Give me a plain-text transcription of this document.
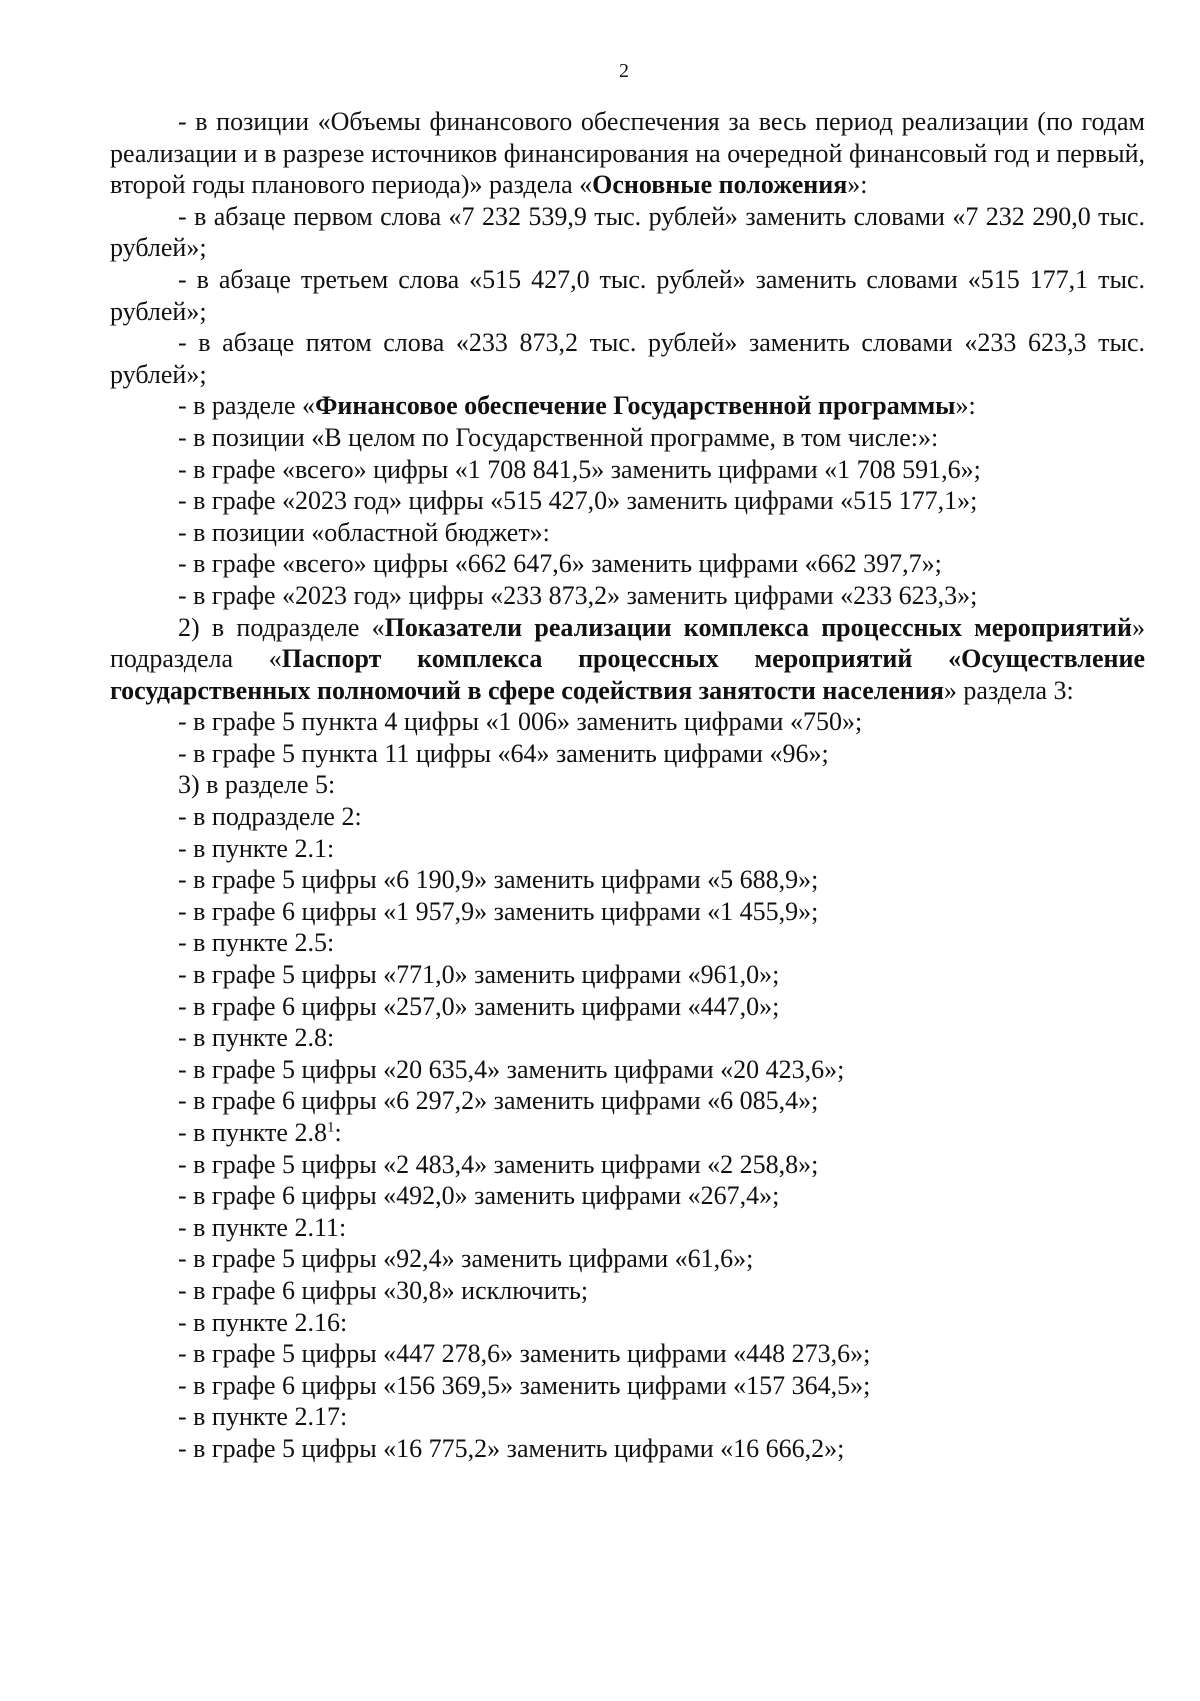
2

- в позиции «Объемы финансового обеспечения за весь период реализации (по годам реализации и в разрезе источников финансирования на очередной финансовый год и первый, второй годы планового периода)» раздела «Основные положения»:

- в абзаце первом слова «7 232 539,9 тыс. рублей» заменить словами «7 232 290,0 тыс. рублей»;

- в абзаце третьем слова «515 427,0 тыс. рублей» заменить словами «515 177,1 тыс. рублей»;

- в абзаце пятом слова «233 873,2 тыс. рублей» заменить словами «233 623,3 тыс. рублей»;

- в разделе «Финансовое обеспечение Государственной программы»:

- в позиции «В целом по Государственной программе, в том числе:»:

- в графе «всего» цифры «1 708 841,5» заменить цифрами «1 708 591,6»;

- в графе «2023 год» цифры «515 427,0» заменить цифрами «515 177,1»;

- в позиции «областной бюджет»:

- в графе «всего» цифры «662 647,6» заменить цифрами «662 397,7»;

- в графе «2023 год» цифры «233 873,2» заменить цифрами «233 623,3»;

2) в подразделе «Показатели реализации комплекса процессных мероприятий» подраздела «Паспорт комплекса процессных мероприятий «Осуществление государственных полномочий в сфере содействия занятости населения» раздела 3:

- в графе 5 пункта 4 цифры «1 006» заменить цифрами «750»;

- в графе 5 пункта 11 цифры «64» заменить цифрами «96»;

3) в разделе 5:

- в подразделе 2:

- в пункте 2.1:

- в графе 5 цифры «6 190,9» заменить цифрами «5 688,9»;

- в графе 6 цифры «1 957,9» заменить цифрами «1 455,9»;

- в пункте 2.5:

- в графе 5 цифры «771,0» заменить цифрами «961,0»;

- в графе 6 цифры «257,0» заменить цифрами «447,0»;

- в пункте 2.8:

- в графе 5 цифры «20 635,4» заменить цифрами «20 423,6»;

- в графе 6 цифры «6 297,2» заменить цифрами «6 085,4»;

- в пункте $2.8^1$:

- в графе 5 цифры «2 483,4» заменить цифрами «2 258,8»;

- в графе 6 цифры «492,0» заменить цифрами «267,4»;

- в пункте 2.11:

- в графе 5 цифры «92,4» заменить цифрами «61,6»;

- в графе 6 цифры «30,8» исключить;

- в пункте 2.16:

- в графе 5 цифры «447 278,6» заменить цифрами «448 273,6»;

- в графе 6 цифры «156 369,5» заменить цифрами «157 364,5»;

- в пункте 2.17:

- в графе 5 цифры «16 775,2» заменить цифрами «16 666,2»;
